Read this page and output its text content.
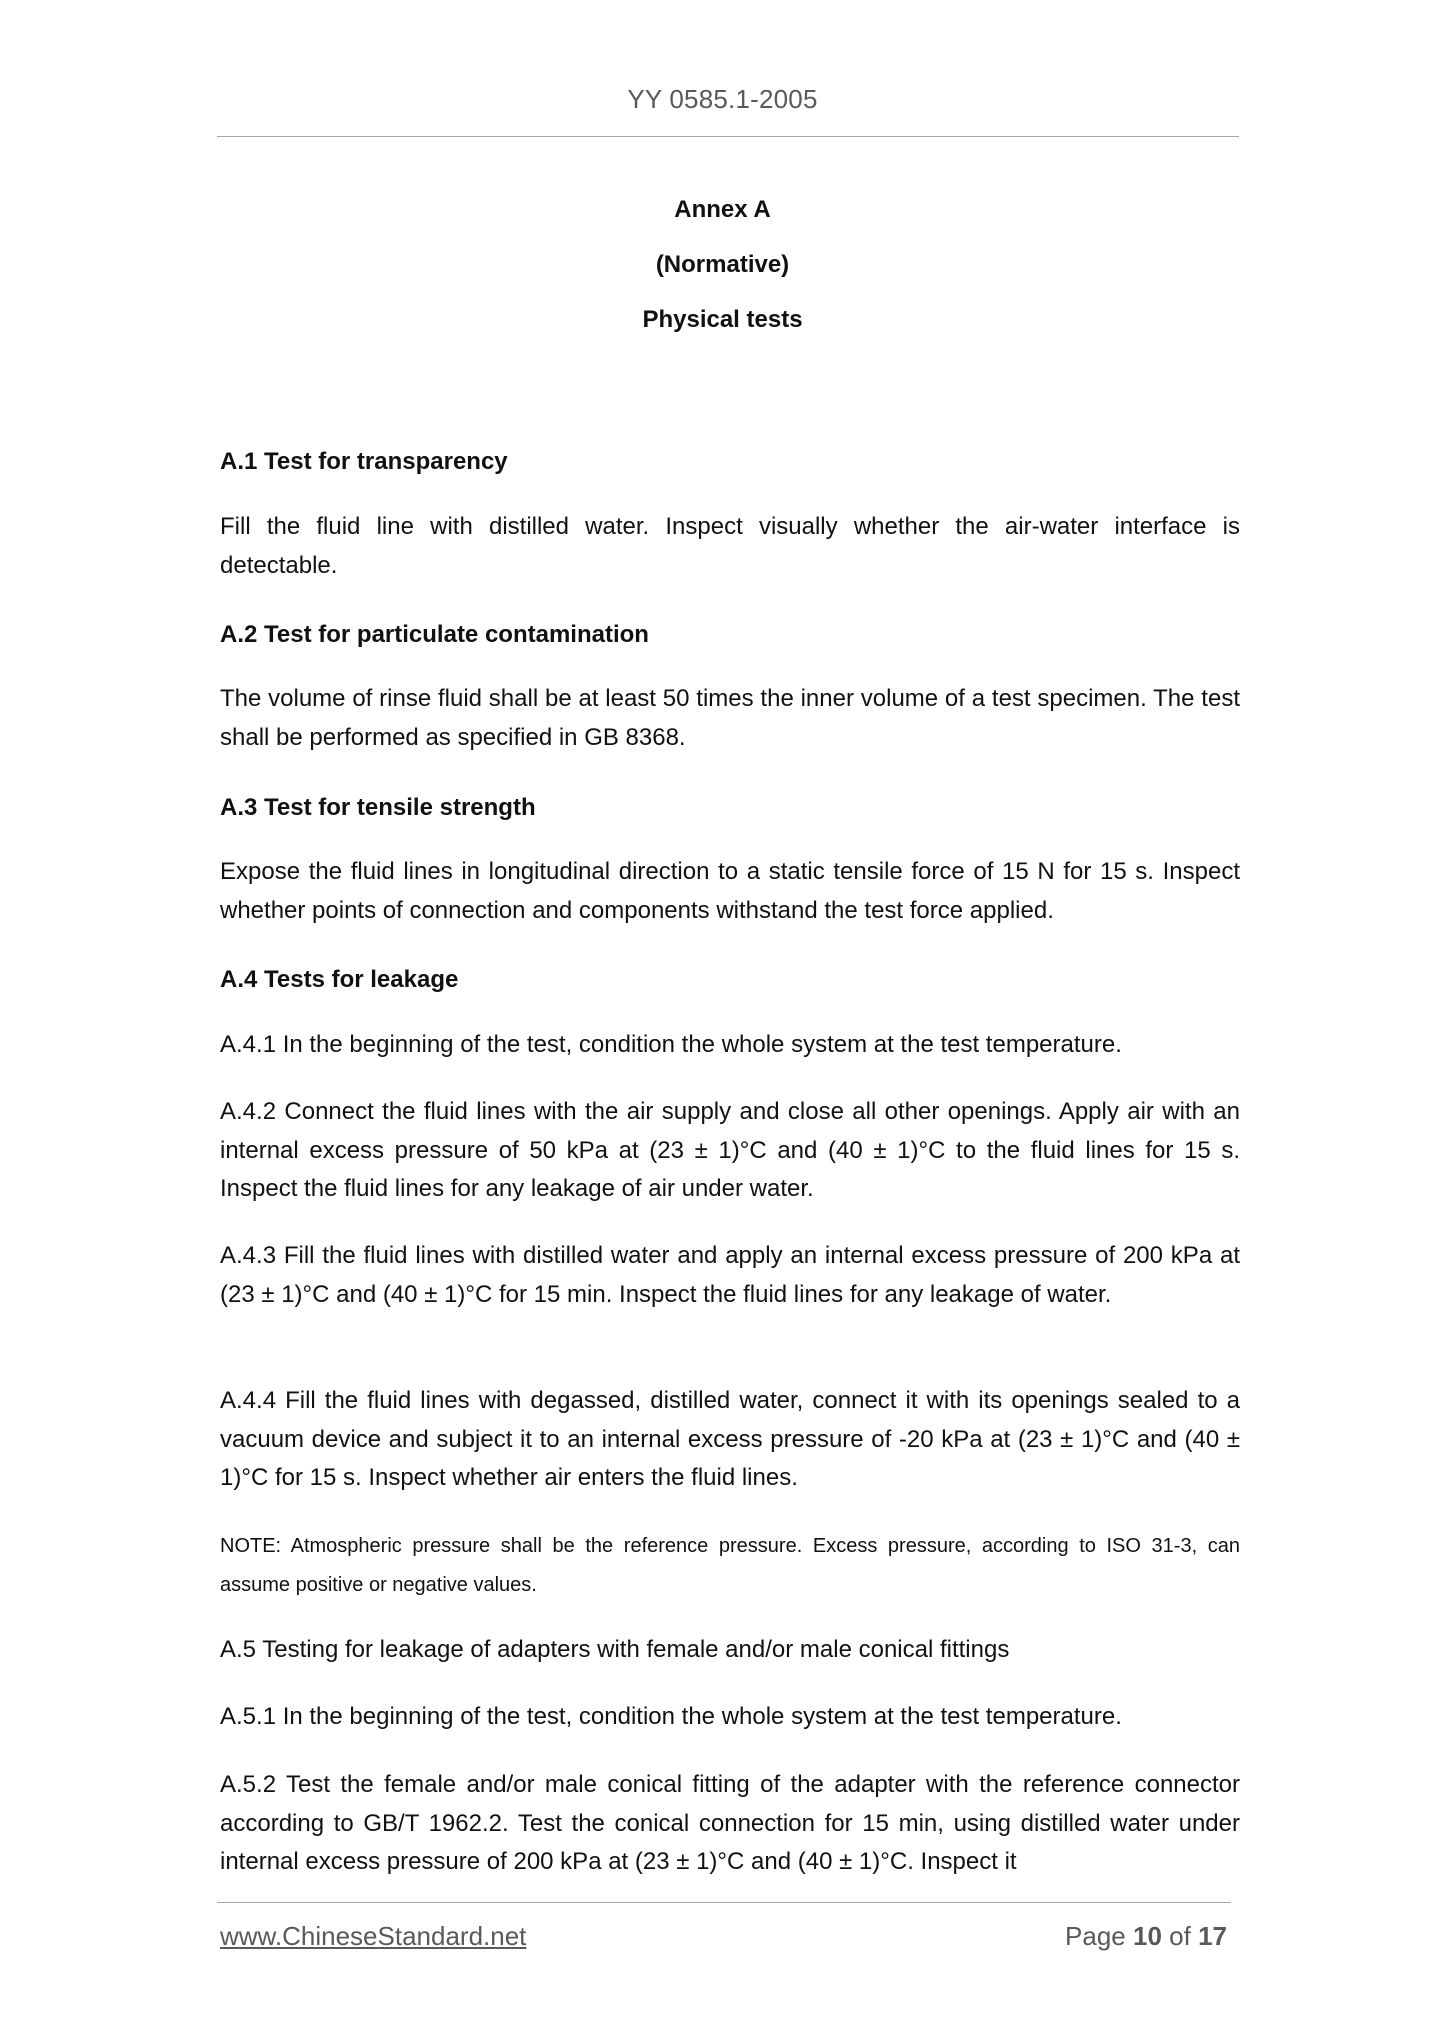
YY 0585.1-2005
Annex A
(Normative)
Physical tests
A.1 Test for transparency
Fill the fluid line with distilled water. Inspect visually whether the air-water interface is detectable.
A.2 Test for particulate contamination
The volume of rinse fluid shall be at least 50 times the inner volume of a test specimen. The test shall be performed as specified in GB 8368.
A.3 Test for tensile strength
Expose the fluid lines in longitudinal direction to a static tensile force of 15 N for 15 s. Inspect whether points of connection and components withstand the test force applied.
A.4 Tests for leakage
A.4.1 In the beginning of the test, condition the whole system at the test temperature.
A.4.2 Connect the fluid lines with the air supply and close all other openings. Apply air with an internal excess pressure of 50 kPa at (23 ± 1)°C and (40 ± 1)°C to the fluid lines for 15 s. Inspect the fluid lines for any leakage of air under water.
A.4.3 Fill the fluid lines with distilled water and apply an internal excess pressure of 200 kPa at (23 ± 1)°C and (40 ± 1)°C for 15 min. Inspect the fluid lines for any leakage of water.
A.4.4 Fill the fluid lines with degassed, distilled water, connect it with its openings sealed to a vacuum device and subject it to an internal excess pressure of -20 kPa at (23 ± 1)°C and (40 ± 1)°C for 15 s. Inspect whether air enters the fluid lines.
NOTE: Atmospheric pressure shall be the reference pressure. Excess pressure, according to ISO 31-3, can assume positive or negative values.
A.5 Testing for leakage of adapters with female and/or male conical fittings
A.5.1 In the beginning of the test, condition the whole system at the test temperature.
A.5.2 Test the female and/or male conical fitting of the adapter with the reference connector according to GB/T 1962.2. Test the conical connection for 15 min, using distilled water under internal excess pressure of 200 kPa at (23 ± 1)°C and (40 ± 1)°C. Inspect it
www.ChineseStandard.net	Page 10 of 17
